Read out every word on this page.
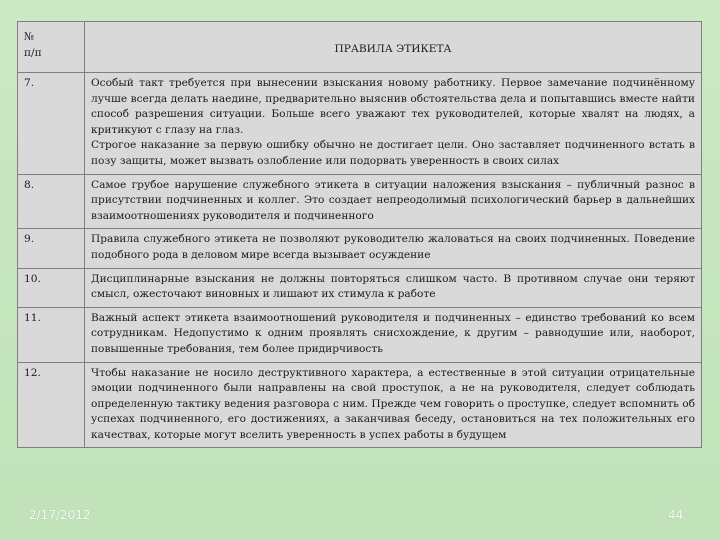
№
п/п	ПРАВИЛА ЭТИКЕТА
7.	Особый такт требуется при вынесении взыскания новому работнику. Первое замечание подчинённому лучше всегда делать наедине, предварительно выяснив обстоятельства дела и попытавшись вместе найти способ разрешения ситуации. Больше всего уважают тех руководителей, которые хвалят на людях, а критикуют с глазу на глаз.
Строгое наказание за первую ошибку обычно не достигает цели. Оно заставляет подчиненного встать в позу защиты, может вызвать озлобление или подорвать уверенность в своих силах

8.	Самое грубое нарушение служебного этикета в ситуации наложения взыскания – публичный разнос в присутствии подчиненных и коллег. Это создает непреодолимый психологический барьер в дальнейших взаимоотношениях руководителя и подчиненного

9.	Правила служебного этикета не позволяют руководителю жаловаться на своих подчиненных. Поведение подобного рода в деловом мире всегда вызывает осуждение

10.	Дисциплинарные взыскания не должны повторяться слишком часто. В противном случае они теряют смысл, ожесточают виновных и лишают их стимула к работе

11.	Важный аспект этикета взаимоотношений руководителя и подчиненных – единство требований ко всем сотрудникам. Недопустимо к одним проявлять снисхождение, к другим – равнодушие или, наоборот, повышенные требования, тем более придирчивость

12.	Чтобы наказание не носило деструктивного характера, а естественные в этой ситуации отрицательные эмоции подчиненного были направлены на свой проступок, а не на руководителя, следует соблюдать определенную тактику ведения разговора с ним. Прежде чем говорить о проступке, следует вспомнить об успехах подчиненного, его достижениях, а заканчивая беседу, остановиться на тех положительных его качествах, которые могут вселить уверенность в успех работы в будущем
2/17/2012	44
